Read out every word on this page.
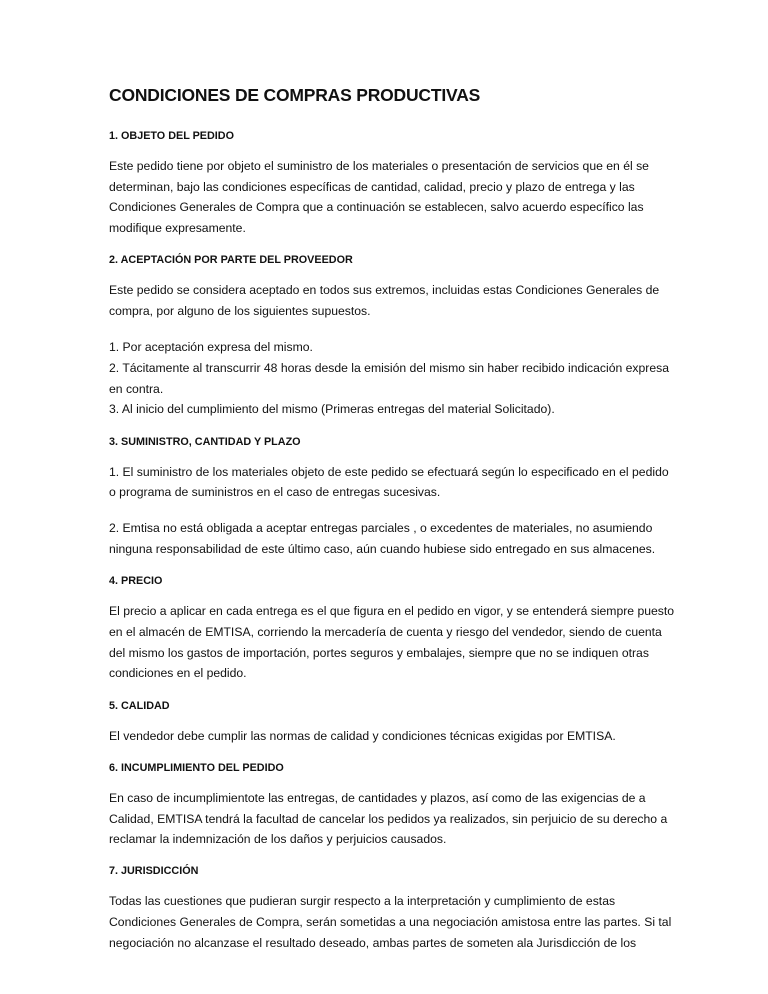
CONDICIONES DE COMPRAS PRODUCTIVAS
1. OBJETO DEL PEDIDO
Este pedido tiene por objeto el suministro de los materiales o presentación de servicios que en él se
determinan, bajo las condiciones específicas de cantidad, calidad, precio y plazo de entrega y las
Condiciones Generales de Compra que a continuación se establecen, salvo acuerdo específico las
modifique expresamente.
2. ACEPTACIÓN POR PARTE DEL PROVEEDOR
Este pedido se considera aceptado en todos sus extremos, incluidas estas Condiciones Generales de
compra, por alguno de los siguientes supuestos.
1. Por aceptación expresa del mismo.
2. Tácitamente al transcurrir 48 horas desde la emisión del mismo sin haber recibido indicación expresa
en contra.
3. Al inicio del cumplimiento del mismo (Primeras entregas del material Solicitado).
3. SUMINISTRO, CANTIDAD Y PLAZO
1. El suministro de los materiales objeto de este pedido se efectuará según lo especificado en el pedido
o programa de suministros en el caso de entregas sucesivas.
2. Emtisa no está obligada a aceptar entregas parciales , o excedentes de materiales, no asumiendo
ninguna responsabilidad de este último caso, aún cuando hubiese sido entregado en sus almacenes.
4. PRECIO
El precio a aplicar en cada entrega es el que figura en el pedido en vigor, y se entenderá siempre puesto
en el almacén de EMTISA, corriendo la mercadería de cuenta y riesgo del vendedor, siendo de cuenta
del mismo los gastos de importación, portes seguros y embalajes, siempre que no se indiquen otras
condiciones en el pedido.
5. CALIDAD
El vendedor debe cumplir las normas de calidad y condiciones técnicas exigidas por EMTISA.
6. INCUMPLIMIENTO DEL PEDIDO
En caso de incumplimientote las entregas, de cantidades y plazos, así como de las exigencias de a
Calidad, EMTISA tendrá la facultad de cancelar los pedidos ya realizados, sin perjuicio de su derecho a
reclamar la indemnización de los daños y perjuicios causados.
7. JURISDICCIÓN
Todas las cuestiones que pudieran surgir respecto a la interpretación y cumplimiento de estas
Condiciones Generales de Compra, serán sometidas a una negociación amistosa entre las partes. Si tal
negociación no alcanzase el resultado deseado, ambas partes de someten ala Jurisdicción de los
